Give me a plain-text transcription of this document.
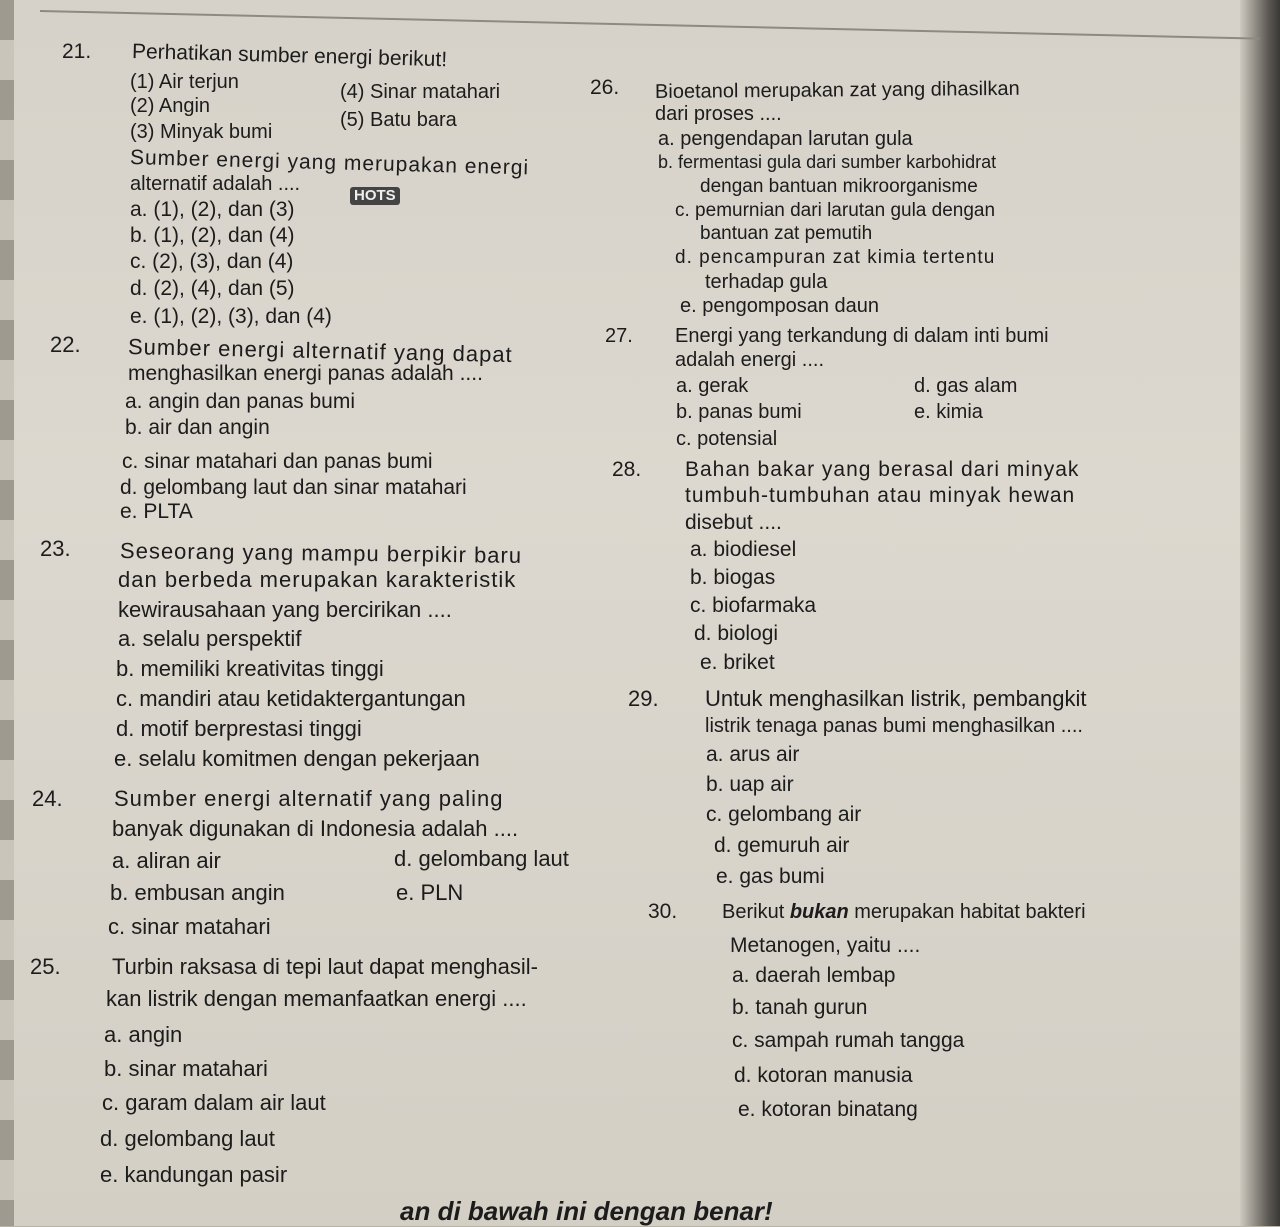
21. Perhatikan sumber energi berikut!
(1) Air terjun	(4) Sinar matahari
(2) Angin
(5) Batu bara
(3) Minyak bumi
Sumber energi yang merupakan energi
alternatif adalah ....
HOTS
a. (1), (2), dan (3)
b. (1), (2), dan (4)
c. (2), (3), dan (4)
d. (2), (4), dan (5)
e. (1), (2), (3), dan (4)
22. Sumber energi alternatif yang dapat
menghasilkan energi panas adalah ....
a. angin dan panas bumi
b. air dan angin
c. sinar matahari dan panas bumi
d. gelombang laut dan sinar matahari
e. PLTA
23. Seseorang yang mampu berpikir baru
dan berbeda merupakan karakteristik
kewirausahaan yang bercirikan ....
a. selalu perspektif
b. memiliki kreativitas tinggi
c. mandiri atau ketidaktergantungan
d. motif berprestasi tinggi
e. selalu komitmen dengan pekerjaan
24. Sumber energi alternatif yang paling
banyak digunakan di Indonesia adalah ....
a. aliran air	d. gelombang laut
b. embusan angin	e. PLN
c. sinar matahari
25. Turbin raksasa di tepi laut dapat menghasil-
kan listrik dengan memanfaatkan energi ....
a. angin
b. sinar matahari
c. garam dalam air laut
d. gelombang laut
e. kandungan pasir
26. Bioetanol merupakan zat yang dihasilkan
dari proses ....
a. pengendapan larutan gula
b. fermentasi gula dari sumber karbohidrat
dengan bantuan mikroorganisme
c. pemurnian dari larutan gula dengan
bantuan zat pemutih
d. pencampuran zat kimia tertentu
terhadap gula
e. pengomposan daun
27. Energi yang terkandung di dalam inti bumi
adalah energi ....
a. gerak	d. gas alam
b. panas bumi	e. kimia
c. potensial
28. Bahan bakar yang berasal dari minyak
tumbuh-tumbuhan atau minyak hewan
disebut ....
a. biodiesel
b. biogas
c. biofarmaka
d. biologi
e. briket
29. Untuk menghasilkan listrik, pembangkit
listrik tenaga panas bumi menghasilkan ....
a. arus air
b. uap air
c. gelombang air
d. gemuruh air
e. gas bumi
30. Berikut bukan merupakan habitat bakteri
Metanogen, yaitu ....
a. daerah lembap
b. tanah gurun
c. sampah rumah tangga
d. kotoran manusia
e. kotoran binatang
an di bawah ini dengan benar!
